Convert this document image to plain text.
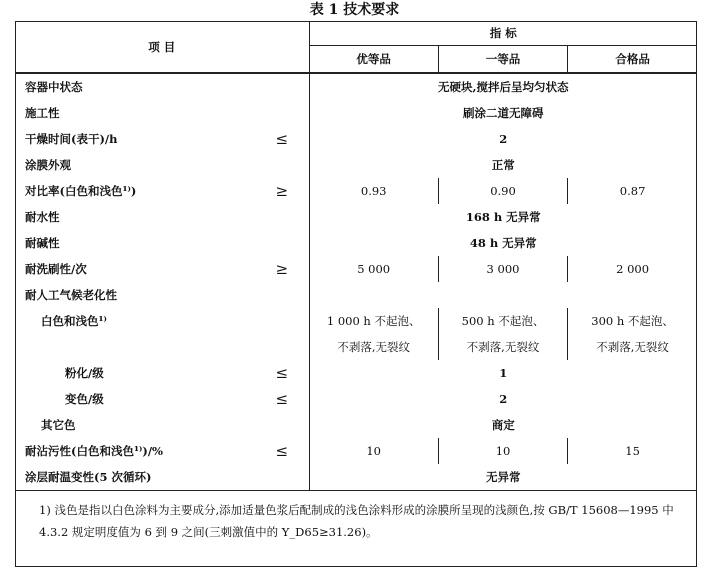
表 1 技术要求
项 目		指 标		
		优等品	一等品	合格品
容器中状态		无硬块,搅拌后呈均匀状态		
施工性		刷涂二道无障碍		
干燥时间(表干)/h	≤	2		
涂膜外观		正常		
对比率(白色和浅色¹⁾)	≥	0.93	0.90	0.87
耐水性		168 h 无异常		
耐碱性		48 h 无异常		
耐洗刷性/次	≥	5 000	3 000	2 000
耐人工气候老化性				
白色和浅色¹⁾		1 000 h 不起泡、	500 h 不起泡、	300 h 不起泡、
		不剥落,无裂纹	不剥落,无裂纹	不剥落,无裂纹
粉化/级	≤	1		
变色/级	≤	2		
其它色		商定		
耐沾污性(白色和浅色¹⁾)/%	≤	10	10	15
涂层耐温变性(5 次循环)		无异常		
1) 浅色是指以白色涂料为主要成分,添加适量色浆后配制成的浅色涂料形成的涂膜所呈现的浅颜色,按 GB/T 15608—1995 中 4.3.2 规定明度值为 6 到 9 之间(三刺激值中的 Y_D65≥31.26)。				
